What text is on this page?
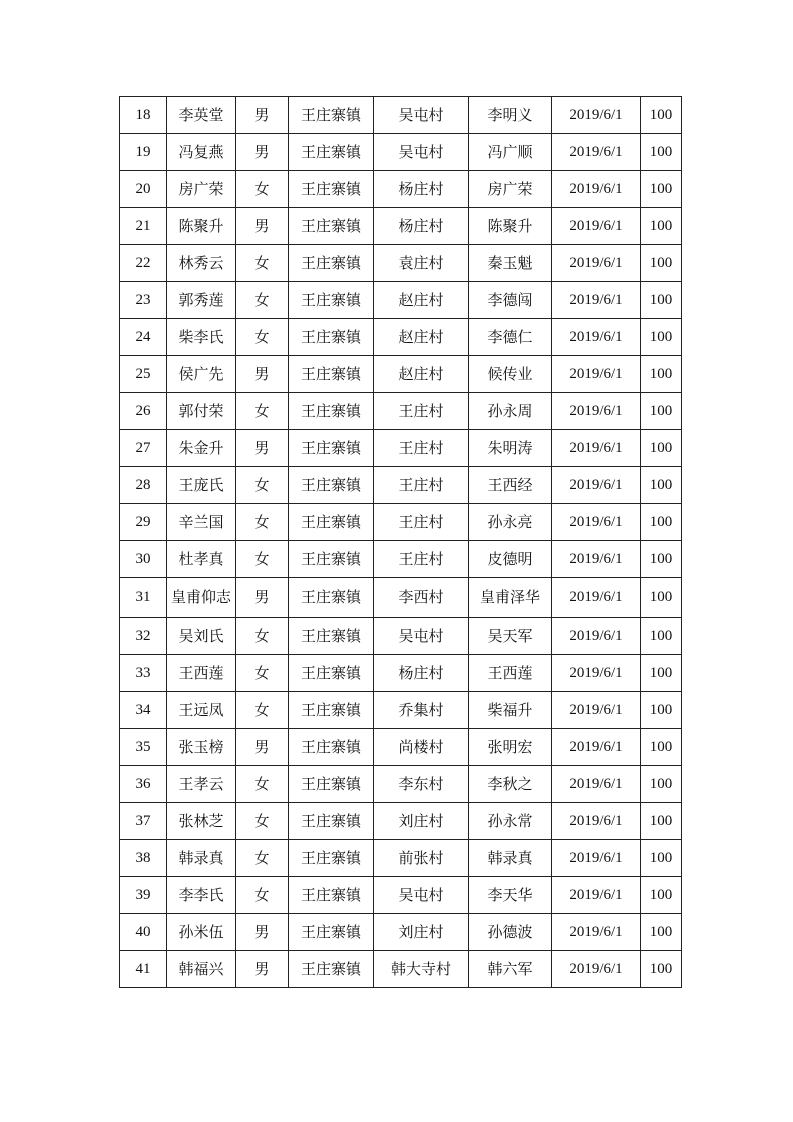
18	李英堂	男	王庄寨镇	吴屯村	李明义	2019/6/1	100
19	冯复燕	男	王庄寨镇	吴屯村	冯广顺	2019/6/1	100
20	房广荣	女	王庄寨镇	杨庄村	房广荣	2019/6/1	100
21	陈聚升	男	王庄寨镇	杨庄村	陈聚升	2019/6/1	100
22	林秀云	女	王庄寨镇	袁庄村	秦玉魁	2019/6/1	100
23	郭秀莲	女	王庄寨镇	赵庄村	李德闯	2019/6/1	100
24	柴李氏	女	王庄寨镇	赵庄村	李德仁	2019/6/1	100
25	侯广先	男	王庄寨镇	赵庄村	候传业	2019/6/1	100
26	郭付荣	女	王庄寨镇	王庄村	孙永周	2019/6/1	100
27	朱金升	男	王庄寨镇	王庄村	朱明涛	2019/6/1	100
28	王庞氏	女	王庄寨镇	王庄村	王西经	2019/6/1	100
29	辛兰国	女	王庄寨镇	王庄村	孙永亮	2019/6/1	100
30	杜孝真	女	王庄寨镇	王庄村	皮德明	2019/6/1	100
31	皇甫仰志	男	王庄寨镇	李西村	皇甫泽华	2019/6/1	100
32	吴刘氏	女	王庄寨镇	吴屯村	吴天军	2019/6/1	100
33	王西莲	女	王庄寨镇	杨庄村	王西莲	2019/6/1	100
34	王远凤	女	王庄寨镇	乔集村	柴福升	2019/6/1	100
35	张玉榜	男	王庄寨镇	尚楼村	张明宏	2019/6/1	100
36	王孝云	女	王庄寨镇	李东村	李秋之	2019/6/1	100
37	张林芝	女	王庄寨镇	刘庄村	孙永常	2019/6/1	100
38	韩录真	女	王庄寨镇	前张村	韩录真	2019/6/1	100
39	李李氏	女	王庄寨镇	吴屯村	李天华	2019/6/1	100
40	孙米伍	男	王庄寨镇	刘庄村	孙德波	2019/6/1	100
41	韩福兴	男	王庄寨镇	韩大寺村	韩六军	2019/6/1	100
